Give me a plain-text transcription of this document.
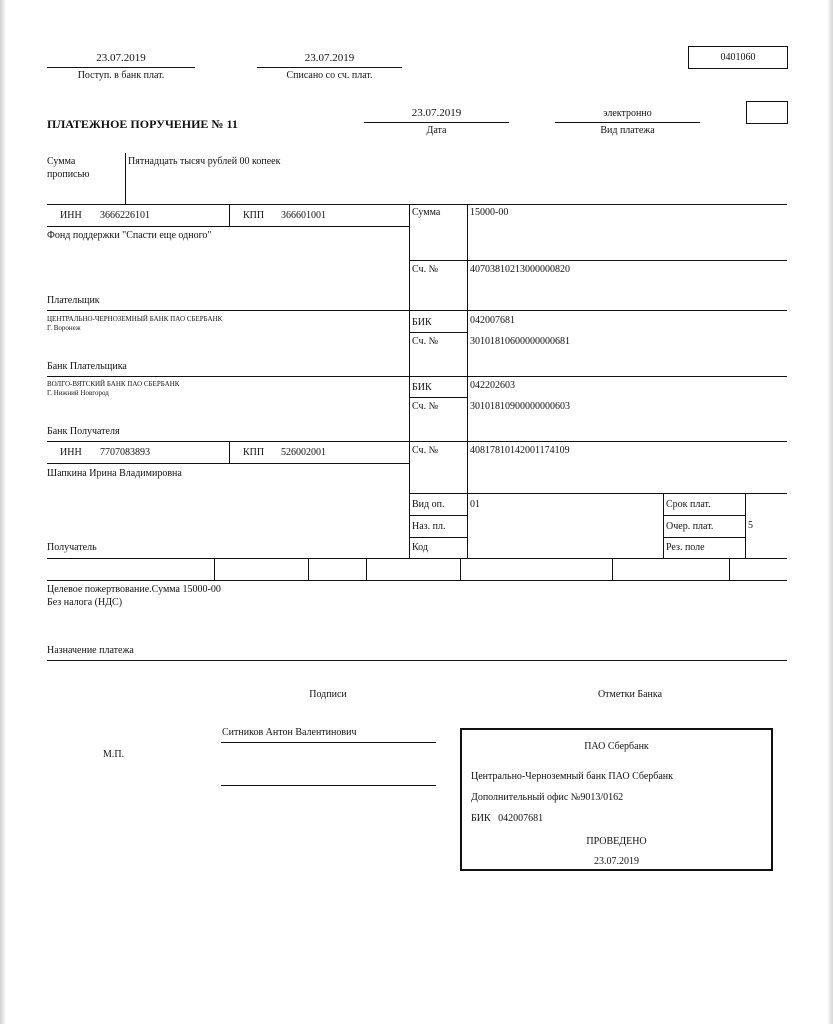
23.07.2019
Поступ. в банк плат.
23.07.2019
Списано со сч. плат.
0401060
ПЛАТЕЖНОЕ ПОРУЧЕНИЕ № 11
23.07.2019
Дата
электронно
Вид платежа
Сумма
прописью
Пятнадцать тысяч рублей 00 копеек
ИНН 3666226101	КПП 366601001	Сумма	15000-00
Фонд поддержки "Спасти еще одного"
Сч. №	40703810213000000820
Плательщик
ЦЕНТРАЛЬНО-ЧЕРНОЗЕМНЫЙ БАНК ПАО СБЕРБАНК
Г. Воронеж	БИК	042007681
Сч. №	30101810600000000681
Банк Плательщика
ВОЛГО-ВЯТСКИЙ БАНК ПАО СБЕРБАНК
Г. Нижний Новгород	БИК	042202603
Сч. №	30101810900000000603
Банк Получателя
ИНН 7707083893	КПП 526002001	Сч. №	40817810142001174109
Шапкина Ирина Владимировна
Вид оп.	01	Срок плат.
Наз. пл.	Очер. плат.	5
Код	Рез. поле
Получатель
Целевое пожертвование.Сумма 15000-00
Без налога (НДС)
Назначение платежа
Подписи	Отметки Банка
Ситников Антон Валентинович
М.П.
ПАО Сбербанк
Центрально-Черноземный банк ПАО Сбербанк
Дополнительный офис №9013/0162
БИК   042007681
ПРОВЕДЕНО
23.07.2019
